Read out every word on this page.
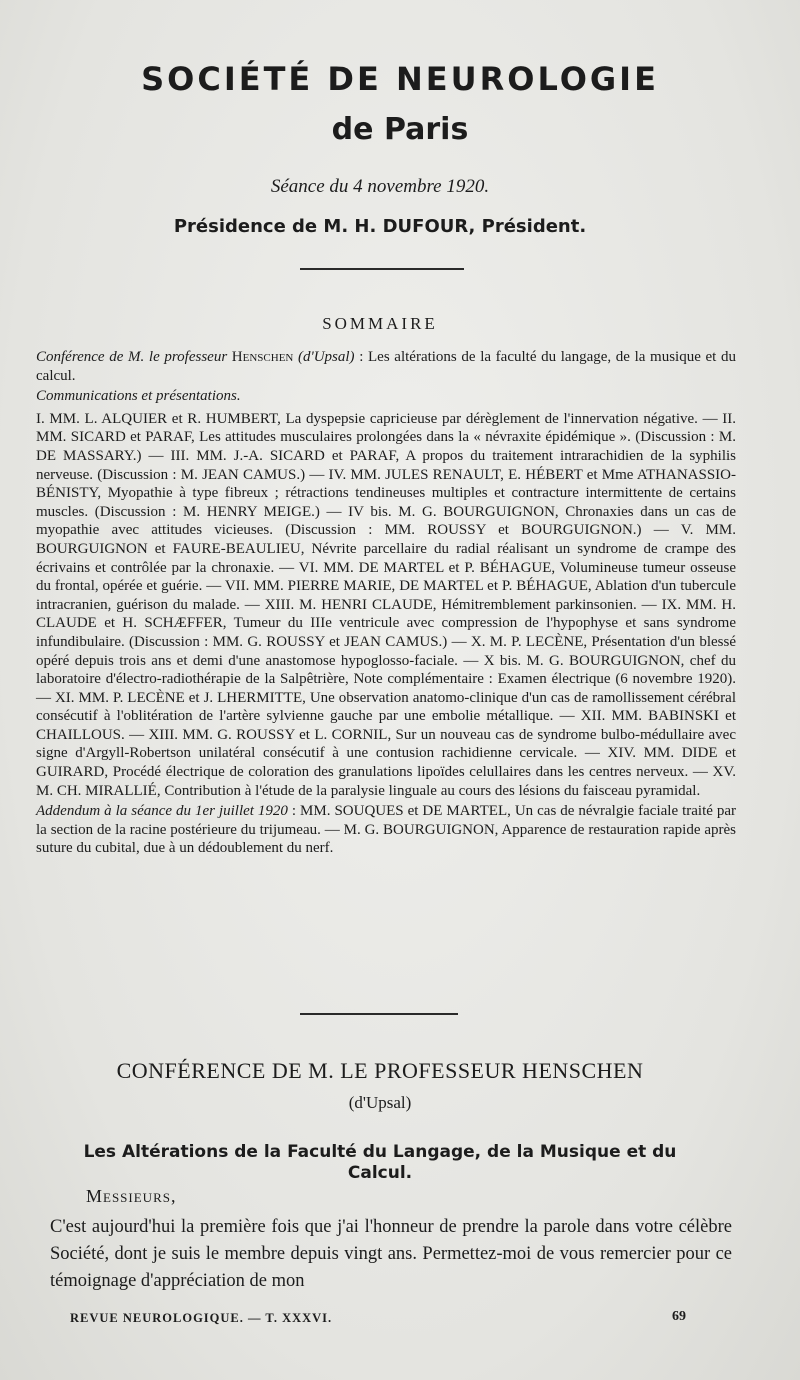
SOCIÉTÉ DE NEUROLOGIE
de Paris
Séance du 4 novembre 1920.
Présidence de M. H. DUFOUR, Président.
SOMMAIRE

Conférence de M. le professeur Henschen (d'Upsal) : Les altérations de la faculté du langage, de la musique et du calcul.

Communications et présentations.

I. MM. L. ALQUIER et R. HUMBERT, La dyspepsie capricieuse par dérèglement de l'innervation négative. — II. MM. SICARD et PARAF, Les attitudes musculaires prolongées dans la « névraxite épidémique ». (Discussion : M. DE MASSARY.) — III. MM. J.-A. SICARD et PARAF, A propos du traitement intrarachidien de la syphilis nerveuse. (Discussion : M. JEAN CAMUS.) — IV. MM. JULES RENAULT, E. HÉBERT et Mme ATHANASSIO-BÉNISTY, Myopathie à type fibreux ; rétractions tendineuses multiples et contracture intermittente de certains muscles. (Discussion : M. HENRY MEIGE.) — IV bis. M. G. BOURGUIGNON, Chronaxies dans un cas de myopathie avec attitudes vicieuses. (Discussion : MM. ROUSSY et BOURGUIGNON.) — V. MM. BOURGUIGNON et FAURE-BEAULIEU, Névrite parcellaire du radial réalisant un syndrome de crampe des écrivains et contrôlée par la chronaxie. — VI. MM. DE MARTEL et P. BÉHAGUE, Volumineuse tumeur osseuse du frontal, opérée et guérie. — VII. MM. PIERRE MARIE, DE MARTEL et P. BÉHAGUE, Ablation d'un tubercule intracranien, guérison du malade. — XIII. M. HENRI CLAUDE, Hémitremblement parkinsonien. — IX. MM. H. CLAUDE et H. SCHÆFFER, Tumeur du IIIe ventricule avec compression de l'hypophyse et sans syndrome infundibulaire. (Discussion : MM. G. ROUSSY et JEAN CAMUS.) — X. M. P. LECÈNE, Présentation d'un blessé opéré depuis trois ans et demi d'une anastomose hypoglosso-faciale. — X bis. M. G. BOURGUIGNON, chef du laboratoire d'électro-radiothérapie de la Salpêtrière, Note complémentaire : Examen électrique (6 novembre 1920). — XI. MM. P. LECÈNE et J. LHERMITTE, Une observation anatomo-clinique d'un cas de ramollissement cérébral consécutif à l'oblitération de l'artère sylvienne gauche par une embolie métallique. — XII. MM. BABINSKI et CHAILLOUS. — XIII. MM. G. ROUSSY et L. CORNIL, Sur un nouveau cas de syndrome bulbo-médullaire avec signe d'Argyll-Robertson unilatéral consécutif à une contusion rachidienne cervicale. — XIV. MM. DIDE et GUIRARD, Procédé électrique de coloration des granulations lipoïdes celullaires dans les centres nerveux. — XV. M. CH. MIRALLIÉ, Contribution à l'étude de la paralysie linguale au cours des lésions du faisceau pyramidal.

Addendum à la séance du 1er juillet 1920 : MM. SOUQUES et DE MARTEL, Un cas de névralgie faciale traité par la section de la racine postérieure du trijumeau. — M. G. BOURGUIGNON, Apparence de restauration rapide après suture du cubital, due à un dédoublement du nerf.

CONFÉRENCE DE M. LE PROFESSEUR HENSCHEN
(d'Upsal)
Les Altérations de la Faculté du Langage, de la Musique et du Calcul.
Messieurs,
C'est aujourd'hui la première fois que j'ai l'honneur de prendre la parole dans votre célèbre Société, dont je suis le membre depuis vingt ans. Permettez-moi de vous remercier pour ce témoignage d'appréciation de mon
REVUE NEUROLOGIQUE. — T. XXXVI.	69
